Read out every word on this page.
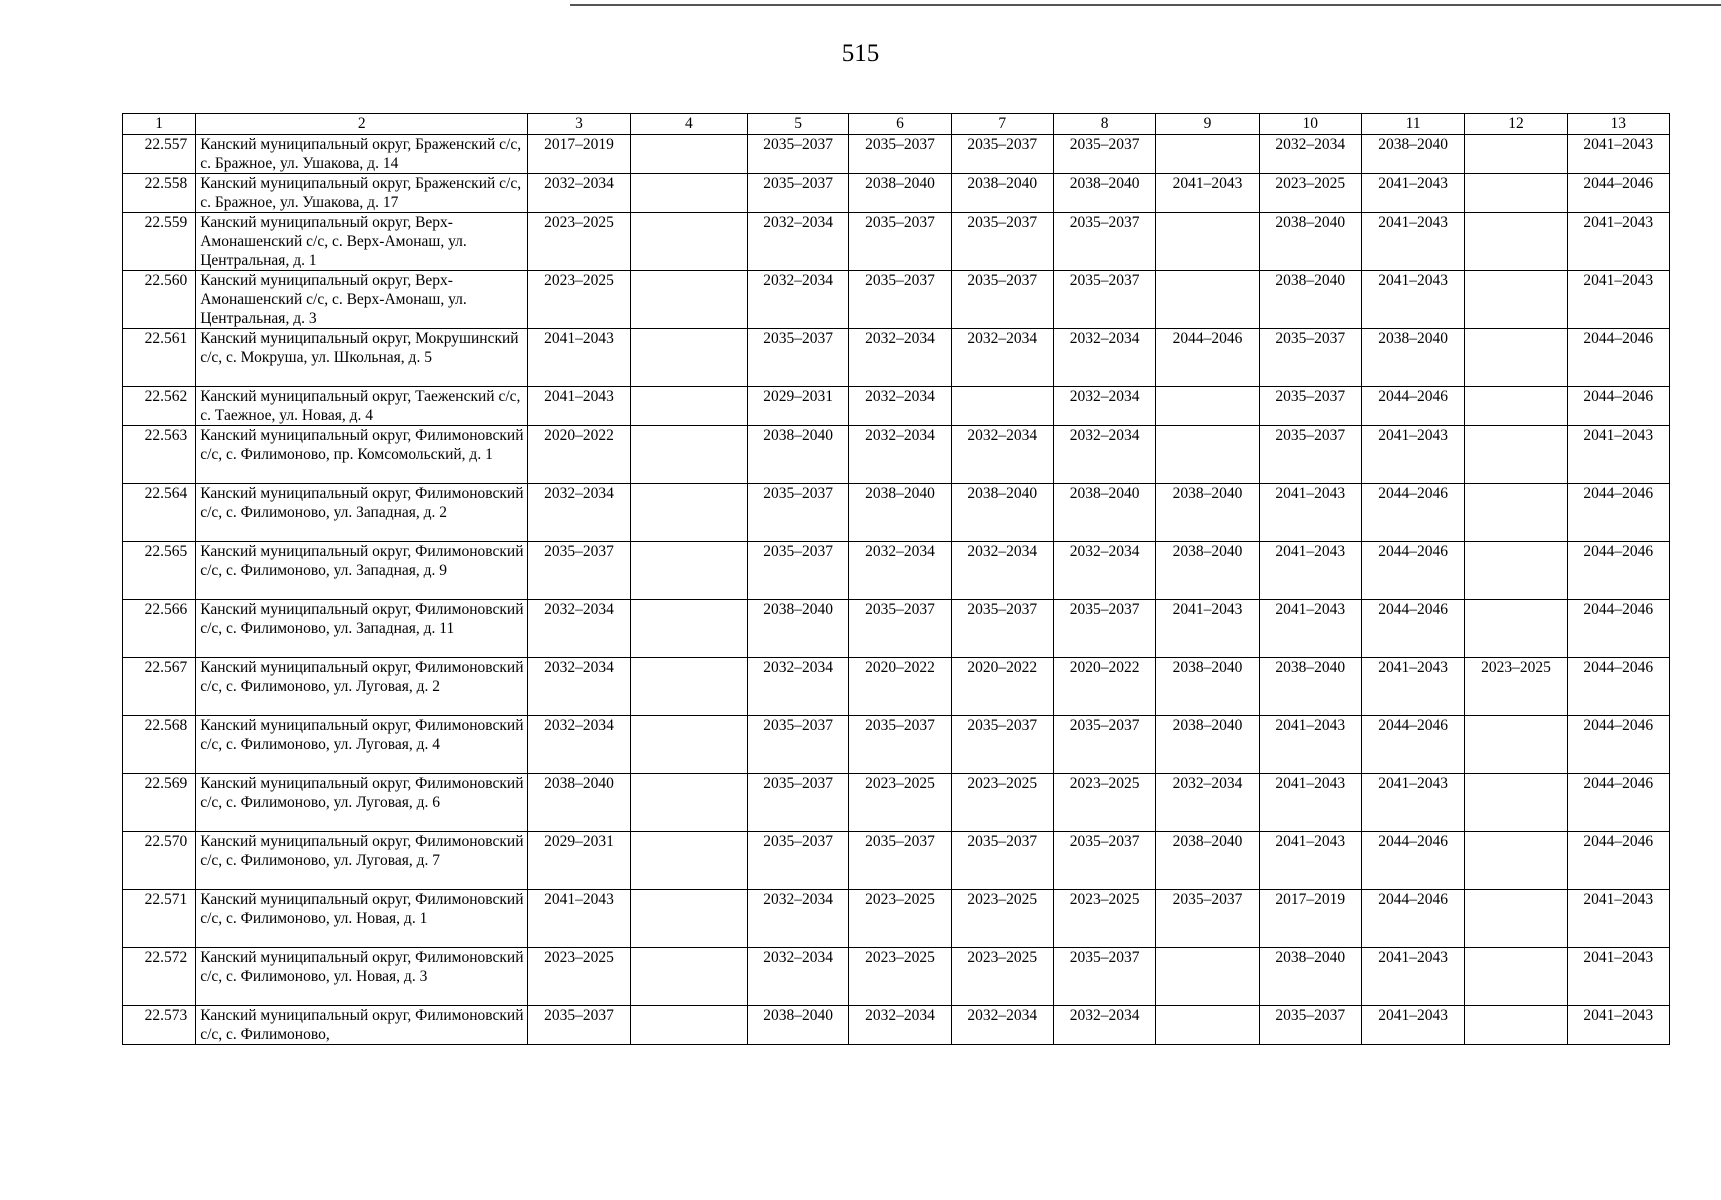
515
1	2	3	4	5	6	7	8	9	10	11	12	13
22.557	Канский муниципальный округ, Браженский с/с, с. Бражное, ул. Ушакова, д. 14	2017–2019		2035–2037	2035–2037	2035–2037	2035–2037		2032–2034	2038–2040		2041–2043
22.558	Канский муниципальный округ, Браженский с/с, с. Бражное, ул. Ушакова, д. 17	2032–2034		2035–2037	2038–2040	2038–2040	2038–2040	2041–2043	2023–2025	2041–2043		2044–2046
22.559	Канский муниципальный округ, Верх-Амонашенский с/с, с. Верх-Амонаш, ул. Центральная, д. 1	2023–2025		2032–2034	2035–2037	2035–2037	2035–2037		2038–2040	2041–2043		2041–2043
22.560	Канский муниципальный округ, Верх-Амонашенский с/с, с. Верх-Амонаш, ул. Центральная, д. 3	2023–2025		2032–2034	2035–2037	2035–2037	2035–2037		2038–2040	2041–2043		2041–2043
22.561	Канский муниципальный округ, Мокрушинский с/с, с. Мокруша, ул. Школьная, д. 5	2041–2043		2035–2037	2032–2034	2032–2034	2032–2034	2044–2046	2035–2037	2038–2040		2044–2046
22.562	Канский муниципальный округ, Таеженский с/с, с. Таежное, ул. Новая, д. 4	2041–2043		2029–2031	2032–2034		2032–2034		2035–2037	2044–2046		2044–2046
22.563	Канский муниципальный округ, Филимоновский с/с, с. Филимоново, пр. Комсомольский, д. 1	2020–2022		2038–2040	2032–2034	2032–2034	2032–2034		2035–2037	2041–2043		2041–2043
22.564	Канский муниципальный округ, Филимоновский с/с, с. Филимоново, ул. Западная, д. 2	2032–2034		2035–2037	2038–2040	2038–2040	2038–2040	2038–2040	2041–2043	2044–2046		2044–2046
22.565	Канский муниципальный округ, Филимоновский с/с, с. Филимоново, ул. Западная, д. 9	2035–2037		2035–2037	2032–2034	2032–2034	2032–2034	2038–2040	2041–2043	2044–2046		2044–2046
22.566	Канский муниципальный округ, Филимоновский с/с, с. Филимоново, ул. Западная, д. 11	2032–2034		2038–2040	2035–2037	2035–2037	2035–2037	2041–2043	2041–2043	2044–2046		2044–2046
22.567	Канский муниципальный округ, Филимоновский с/с, с. Филимоново, ул. Луговая, д. 2	2032–2034		2032–2034	2020–2022	2020–2022	2020–2022	2038–2040	2038–2040	2041–2043	2023–2025	2044–2046
22.568	Канский муниципальный округ, Филимоновский с/с, с. Филимоново, ул. Луговая, д. 4	2032–2034		2035–2037	2035–2037	2035–2037	2035–2037	2038–2040	2041–2043	2044–2046		2044–2046
22.569	Канский муниципальный округ, Филимоновский с/с, с. Филимоново, ул. Луговая, д. 6	2038–2040		2035–2037	2023–2025	2023–2025	2023–2025	2032–2034	2041–2043	2041–2043		2044–2046
22.570	Канский муниципальный округ, Филимоновский с/с, с. Филимоново, ул. Луговая, д. 7	2029–2031		2035–2037	2035–2037	2035–2037	2035–2037	2038–2040	2041–2043	2044–2046		2044–2046
22.571	Канский муниципальный округ, Филимоновский с/с, с. Филимоново, ул. Новая, д. 1	2041–2043		2032–2034	2023–2025	2023–2025	2023–2025	2035–2037	2017–2019	2044–2046		2041–2043
22.572	Канский муниципальный округ, Филимоновский с/с, с. Филимоново, ул. Новая, д. 3	2023–2025		2032–2034	2023–2025	2023–2025	2035–2037		2038–2040	2041–2043		2041–2043
22.573	Канский муниципальный округ, Филимоновский с/с, с. Филимоново,	2035–2037		2038–2040	2032–2034	2032–2034	2032–2034		2035–2037	2041–2043		2041–2043
